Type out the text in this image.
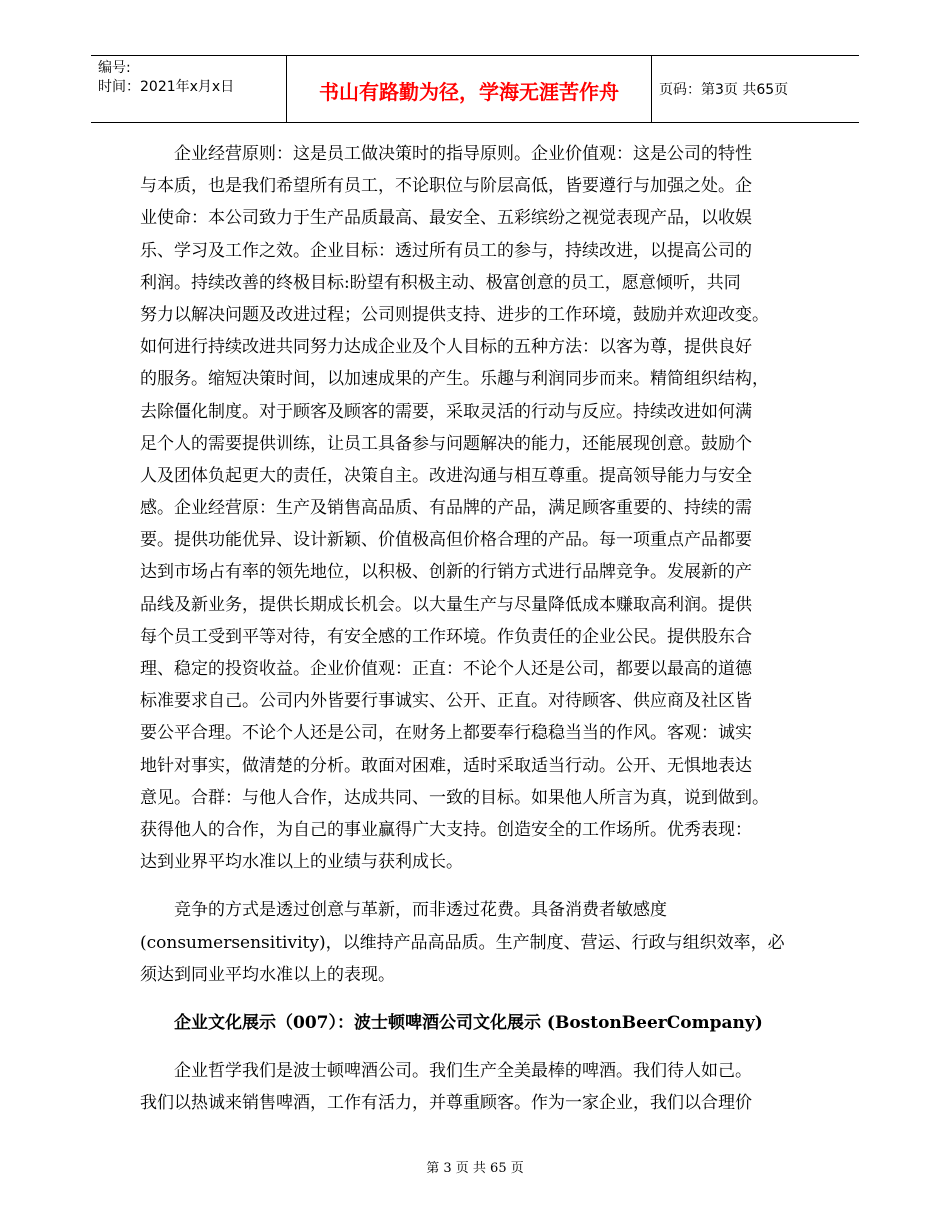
编号:
时间：2021年x月x日	书山有路勤为径，学海无涯苦作舟	页码：第3页 共65页
　　企业经营原则：这是员工做决策时的指导原则。企业价值观：这是公司的特性
与本质，也是我们希望所有员工，不论职位与阶层高低，皆要遵行与加强之处。企
业使命：本公司致力于生产品质最高、最安全、五彩缤纷之视觉表现产品，以收娱
乐、学习及工作之效。企业目标：透过所有员工的参与，持续改进，以提高公司的
利润。持续改善的终极目标:盼望有积极主动、极富创意的员工，愿意倾听，共同
努力以解决问题及改进过程；公司则提供支持、进步的工作环境，鼓励并欢迎改变。
如何进行持续改进共同努力达成企业及个人目标的五种方法：以客为尊，提供良好
的服务。缩短决策时间，以加速成果的产生。乐趣与利润同步而来。精简组织结构，
去除僵化制度。对于顾客及顾客的需要，采取灵活的行动与反应。持续改进如何满
足个人的需要提供训练，让员工具备参与问题解决的能力，还能展现创意。鼓励个
人及团体负起更大的责任，决策自主。改进沟通与相互尊重。提高领导能力与安全
感。企业经营原：生产及销售高品质、有品牌的产品，满足顾客重要的、持续的需
要。提供功能优异、设计新颖、价值极高但价格合理的产品。每一项重点产品都要
达到市场占有率的领先地位，以积极、创新的行销方式进行品牌竞争。发展新的产
品线及新业务，提供长期成长机会。以大量生产与尽量降低成本赚取高利润。提供
每个员工受到平等对待，有安全感的工作环境。作负责任的企业公民。提供股东合
理、稳定的投资收益。企业价值观：正直：不论个人还是公司，都要以最高的道德
标准要求自己。公司内外皆要行事诚实、公开、正直。对待顾客、供应商及社区皆
要公平合理。不论个人还是公司，在财务上都要奉行稳稳当当的作风。客观：诚实
地针对事实，做清楚的分析。敢面对困难，适时采取适当行动。公开、无惧地表达
意见。合群：与他人合作，达成共同、一致的目标。如果他人所言为真，说到做到。
获得他人的合作，为自己的事业赢得广大支持。创造安全的工作场所。优秀表现：
达到业界平均水准以上的业绩与获利成长。
　　竞争的方式是透过创意与革新，而非透过花费。具备消费者敏感度
(consumersensitivity)，以维持产品高品质。生产制度、营运、行政与组织效率，必
须达到同业平均水准以上的表现。
　　企业文化展示（007）：波士顿啤酒公司文化展示 (BostonBeerCompany)
　　企业哲学我们是波士顿啤酒公司。我们生产全美最棒的啤酒。我们待人如己。
我们以热诚来销售啤酒，工作有活力，并尊重顾客。作为一家企业，我们以合理价
第 3 页 共 65 页
